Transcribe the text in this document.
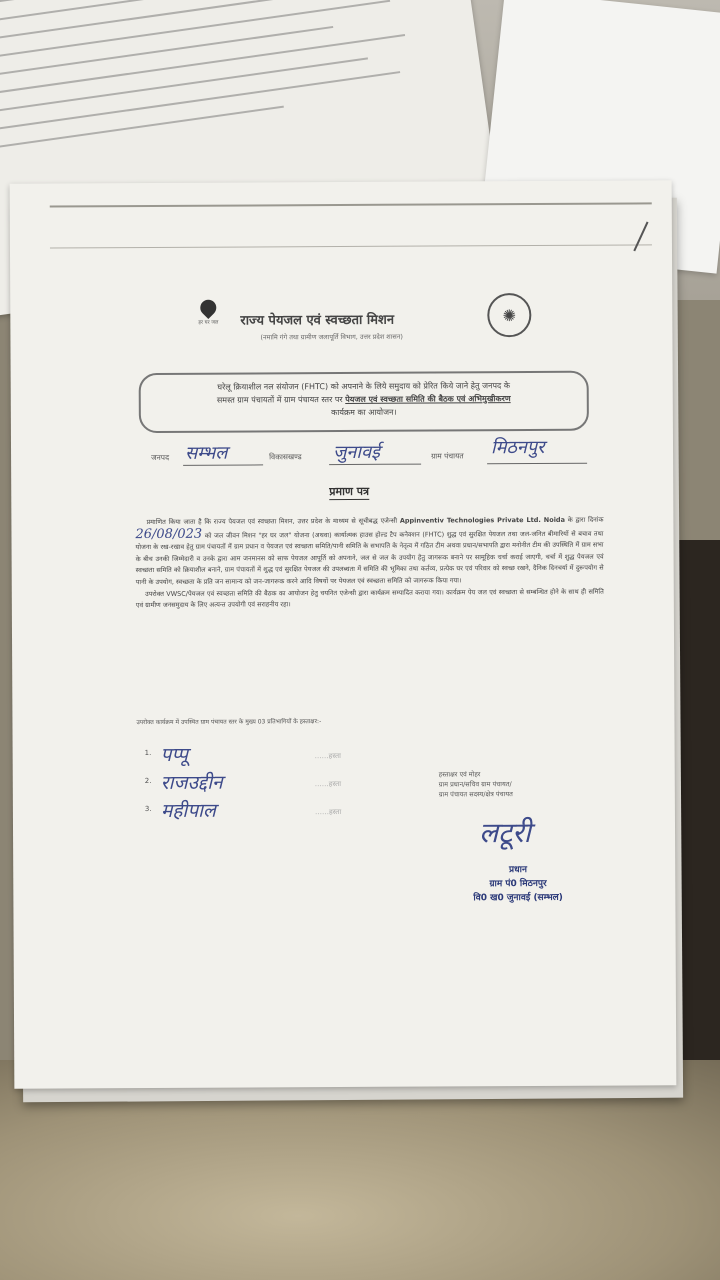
हर घर जल	राज्य पेयजल एवं स्वच्छता मिशन
(नमामि गंगे तथा ग्रामीण जलापूर्ति विभाग, उत्तर प्रदेश शासन)
✺
घरेलू क्रियाशील नल संयोजन (FHTC) को अपनाने के लिये समुदाय को प्रेरित किये जाने हेतु जनपद के
समस्त ग्राम पंचायतों में ग्राम पंचायत स्तर पर पेयजल एवं स्वच्छता समिति की बैठक एवं अभिमुखीकरण
कार्यक्रम का आयोजन।
जनपद सम्भल	विकासखण्ड जुनावई	ग्राम पंचायत मिठनपुर
प्रमाण पत्र

प्रमाणित किया जाता है कि राज्य पेयजल एवं स्वच्छता मिशन, उत्तर प्रदेश के माध्यम से सूचीबद्ध एजेन्सी Appinventiv Technologies Private Ltd. Noida के द्वारा दिनांक 26/08/023 को जल जीवन मिशन "हर घर जल" योजना (अथवा) कार्यात्मक हाउस होल्ड टैप कनेक्शन (FHTC) शुद्ध एवं सुरक्षित पेयजल तथा जल-जनित बीमारियों से बचाव तथा योजना के रख-रखाव हेतु ग्राम पंचायतों में ग्राम प्रधान व पेयजल एवं स्वच्छता समिति/पानी समिति के सभापति के नेतृत्व में गठित टीम अथवा प्रधान/सभापति द्वारा मनोनीत टीम की उपस्थिति में ग्राम सभा के बीच उनकी जिम्मेदारी व उनके द्वारा आम जनमानस को साफ पेयजल आपूर्ति को अपनाने, जल से जल के उपयोग हेतु जागरूक बनाने पर सामूहिक चर्चा कराई जाएगी, चर्चा में शुद्ध पेयजल एवं स्वच्छता समिति को क्रियाशील बनाने, ग्राम पंचायतों में शुद्ध एवं सुरक्षित पेयजल की उपलब्धता में समिति की भूमिका तथा कर्तव्य, प्रत्येक घर एवं परिवार को स्वच्छ रखने, दैनिक दिनचर्या में दुरूपयोग से पानी के उपयोग, स्वच्छता के प्रति जन सामान्य को जन-जागरूक करने आदि विषयों पर पेयजल एवं स्वच्छता समिति को जागरूक किया गया।

उपरोक्त VWSC/पेयजल एवं स्वच्छता समिति की बैठक का आयोजन हेतु चयनित एजेन्सी द्वारा कार्यक्रम सम्पादित कराया गया। कार्यक्रम पेय जल एवं स्वच्छता से सम्बन्धित होने के साथ ही समिति एवं ग्रामीण जनसमुदाय के लिए अत्यन्त उपयोगी एवं सराहनीय रहा।

उपरोक्त कार्यक्रम में उपस्थित ग्राम पंचायत स्तर के मुख्य 03 प्रतिभागियों के हस्ताक्षर:-
1. पप्पू	……हस्ता
2. राजउद्दीन	……हस्ता
3. महीपाल	……हस्ता
हस्ताक्षर एवं मोहर
ग्राम प्रधान/सचिव ग्राम पंचायत/
ग्राम पंचायत सदस्य/क्षेत्र पंचायत
लटूरी
प्रधान
ग्राम पं0 मिठनपुर
वि0 ख0 जुनावई (सम्भल)
